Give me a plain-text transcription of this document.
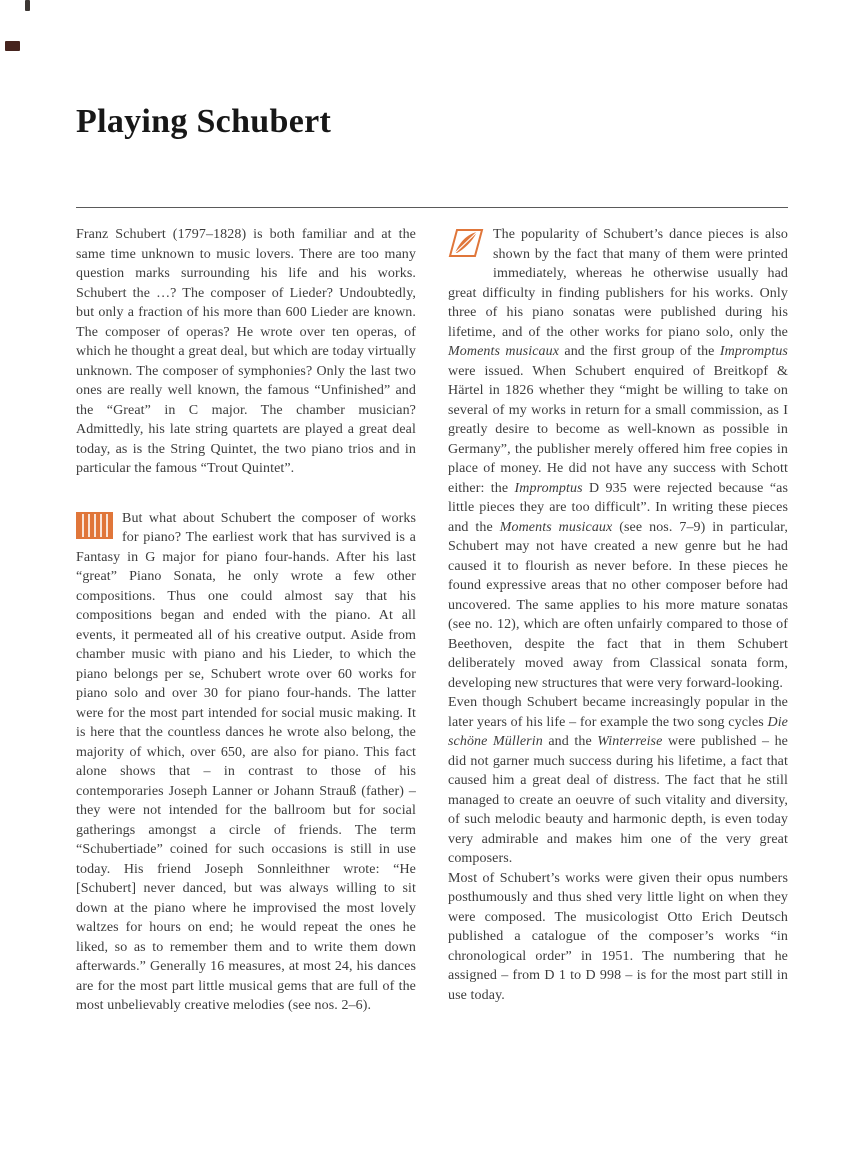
Playing Schubert

Franz Schubert (1797–1828) is both familiar and at the same time unknown to music lovers. There are too many question marks surrounding his life and his works. Schubert the …? The composer of Lieder? Undoubtedly, but only a fraction of his more than 600 Lieder are known. The composer of operas? He wrote over ten operas, of which he thought a great deal, but which are today virtually unknown. The composer of symphonies? Only the last two ones are really well known, the famous “Unfinished” and the “Great” in C major. The chamber musician? Admittedly, his late string quartets are played a great deal today, as is the String Quintet, the two piano trios and in particular the famous “Trout Quintet”.

But what about Schubert the composer of works for piano? The earliest work that has survived is a Fantasy in G major for piano four-hands. After his last “great” Piano Sonata, he only wrote a few other compositions. Thus one could almost say that his compositions began and ended with the piano. At all events, it permeated all of his creative output. Aside from chamber music with piano and his Lieder, to which the piano belongs per se, Schubert wrote over 60 works for piano solo and over 30 for piano four-hands. The latter were for the most part intended for social music making. It is here that the countless dances he wrote also belong, the majority of which, over 650, are also for piano. This fact alone shows that – in contrast to those of his contemporaries Joseph Lanner or Johann Strauß (father) – they were not intended for the ballroom but for social gatherings amongst a circle of friends. The term “Schubertiade” coined for such occasions is still in use today. His friend Joseph Sonnleithner wrote: “He [Schubert] never danced, but was always willing to sit down at the piano where he improvised the most lovely waltzes for hours on end; he would repeat the ones he liked, so as to remember them and to write them down afterwards.” Generally 16 measures, at most 24, his dances are for the most part little musical gems that are full of the most unbelievably creative melodies (see nos. 2–6).

The popularity of Schubert’s dance pieces is also shown by the fact that many of them were printed immediately, whereas he otherwise usually had great difficulty in finding publishers for his works. Only three of his piano sonatas were published during his lifetime, and of the other works for piano solo, only the Moments musicaux and the first group of the Impromptus were issued. When Schubert enquired of Breitkopf & Härtel in 1826 whether they “might be willing to take on several of my works in return for a small commission, as I greatly desire to become as well-known as possible in Germany”, the publisher merely offered him free copies in place of money. He did not have any success with Schott either: the Impromptus D 935 were rejected because “as little pieces they are too difficult”. In writing these pieces and the Moments musicaux (see nos. 7–9) in particular, Schubert may not have created a new genre but he had caused it to flourish as never before. In these pieces he found expressive areas that no other composer before had uncovered. The same applies to his more mature sonatas (see no. 12), which are often unfairly compared to those of Beethoven, despite the fact that in them Schubert deliberately moved away from Classical sonata form, developing new structures that were very forward-looking.

Even though Schubert became increasingly popular in the later years of his life – for example the two song cycles Die schöne Müllerin and the Winterreise were published – he did not garner much success during his lifetime, a fact that caused him a great deal of distress. The fact that he still managed to create an oeuvre of such vitality and diversity, of such melodic beauty and harmonic depth, is even today very admirable and makes him one of the very great composers.

Most of Schubert’s works were given their opus numbers posthumously and thus shed very little light on when they were composed. The musicologist Otto Erich Deutsch published a catalogue of the composer’s works “in chronological order” in 1951. The numbering that he assigned – from D 1 to D 998 – is for the most part still in use today.
